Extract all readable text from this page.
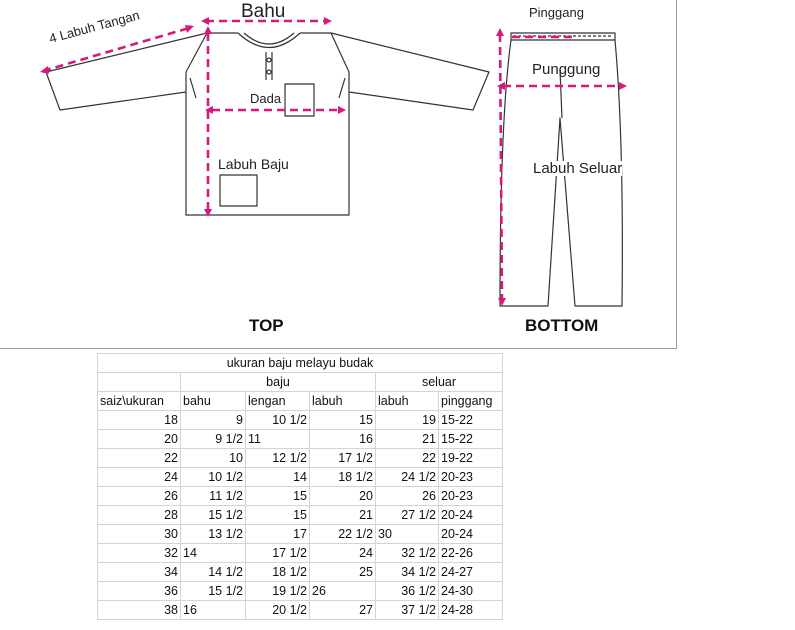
Bahu
4 Labuh Tangan
Dada
Labuh Baju
Pinggang
Punggung
Labuh Seluar
TOP	BOTTOM
ukuran baju melayu budak					
	baju			seluar	
saiz\ukuran	bahu	lengan	labuh	labuh	pinggang
18	9	10 1/2	15	19	15-22
20	9 1/2	11	16	21	15-22
22	10	12 1/2	17 1/2	22	19-22
24	10 1/2	14	18 1/2	24 1/2	20-23
26	11 1/2	15	20	26	20-23
28	15 1/2	15	21	27 1/2	20-24
30	13 1/2	17	22 1/2	30	20-24
32	14	17 1/2	24	32 1/2	22-26
34	14 1/2	18 1/2	25	34 1/2	24-27
36	15 1/2	19 1/2	26	36 1/2	24-30
38	16	20 1/2	27	37 1/2	24-28
